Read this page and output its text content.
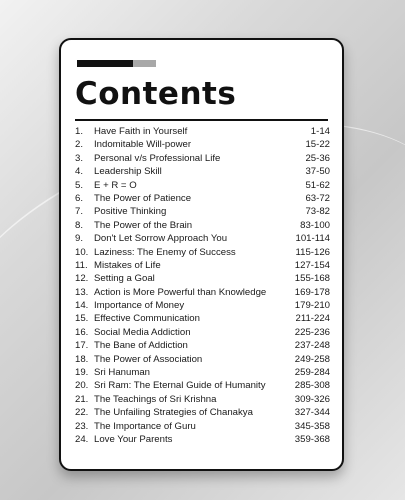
Contents
1.	Have Faith in Yourself	1-14
2.	Indomitable Will-power	15-22
3.	Personal v/s Professional Life	25-36
4.	Leadership Skill	37-50
5.	E + R = O	51-62
6.	The Power of Patience	63-72
7.	Positive Thinking	73-82
8.	The Power of the Brain	83-100
9.	Don't Let Sorrow Approach You	101-114
10. Laziness: The Enemy of Success	115-126
11. Mistakes of Life	127-154
12. Setting a Goal	155-168
13. Action is More Powerful than Knowledge	169-178
14. Importance of Money	179-210
15. Effective Communication	211-224
16. Social Media Addiction	225-236
17. The Bane of Addiction	237-248
18. The Power of Association	249-258
19. Sri Hanuman	259-284
20. Sri Ram: The Eternal Guide of Humanity	285-308
21. The Teachings of Sri Krishna	309-326
22. The Unfailing Strategies of Chanakya	327-344
23. The Importance of Guru	345-358
24. Love Your Parents	359-368
